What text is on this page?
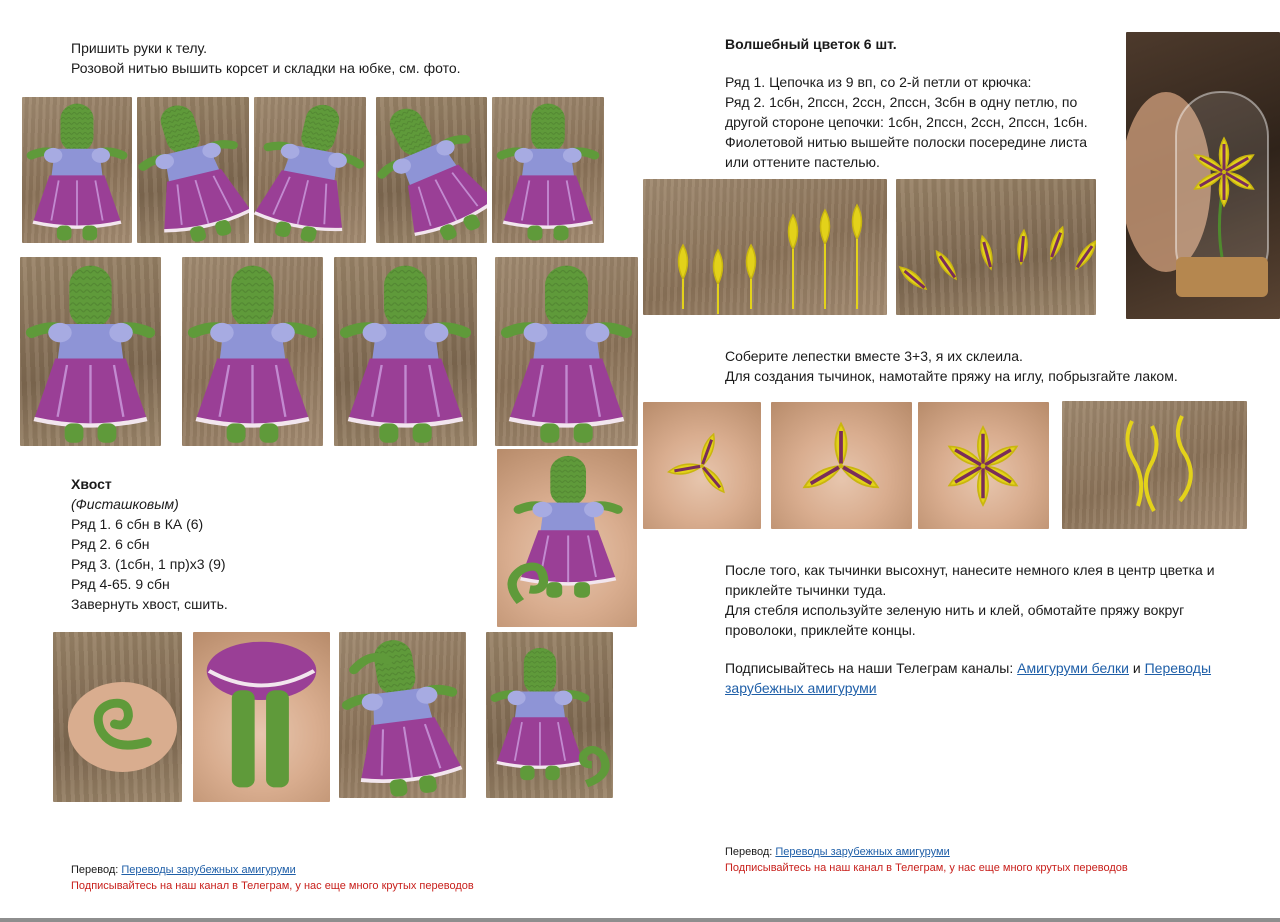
Пришить руки к телу.
Розовой нитью вышить корсет и складки на юбке, см. фото.
Хвост
(Фисташковым)
Ряд 1. 6 сбн в КА (6)
Ряд 2. 6 сбн
Ряд 3. (1сбн, 1 пр)х3 (9)
Ряд 4-65. 9 сбн
Завернуть хвост, сшить.
Перевод: Переводы зарубежных амигуруми
Подписывайтесь на наш канал в Телеграм, у нас еще много крутых переводов
Волшебный цветок 6 шт.
Ряд 1. Цепочка из 9 вп, со 2-й петли от крючка:
Ряд 2. 1сбн, 2пссн, 2ссн, 2пссн, 3сбн в одну петлю, по
другой стороне цепочки: 1сбн, 2пссн, 2ссн, 2пссн, 1сбн.
Фиолетовой нитью вышейте полоски посередине листа
или оттените пастелью.
Соберите лепестки вместе 3+3, я их склеила.
Для создания тычинок, намотайте пряжу на иглу, побрызгайте лаком.
После того, как тычинки высохнут, нанесите немного клея в центр цветка и
приклейте тычинки туда.
Для стебля используйте зеленую нить и клей, обмотайте пряжу вокруг
проволоки, приклейте концы.
Подписывайтесь на наши Телеграм каналы: Амигуруми белки и Переводы
зарубежных амигуруми
Перевод: Переводы зарубежных амигуруми
Подписывайтесь на наш канал в Телеграм, у нас еще много крутых переводов
